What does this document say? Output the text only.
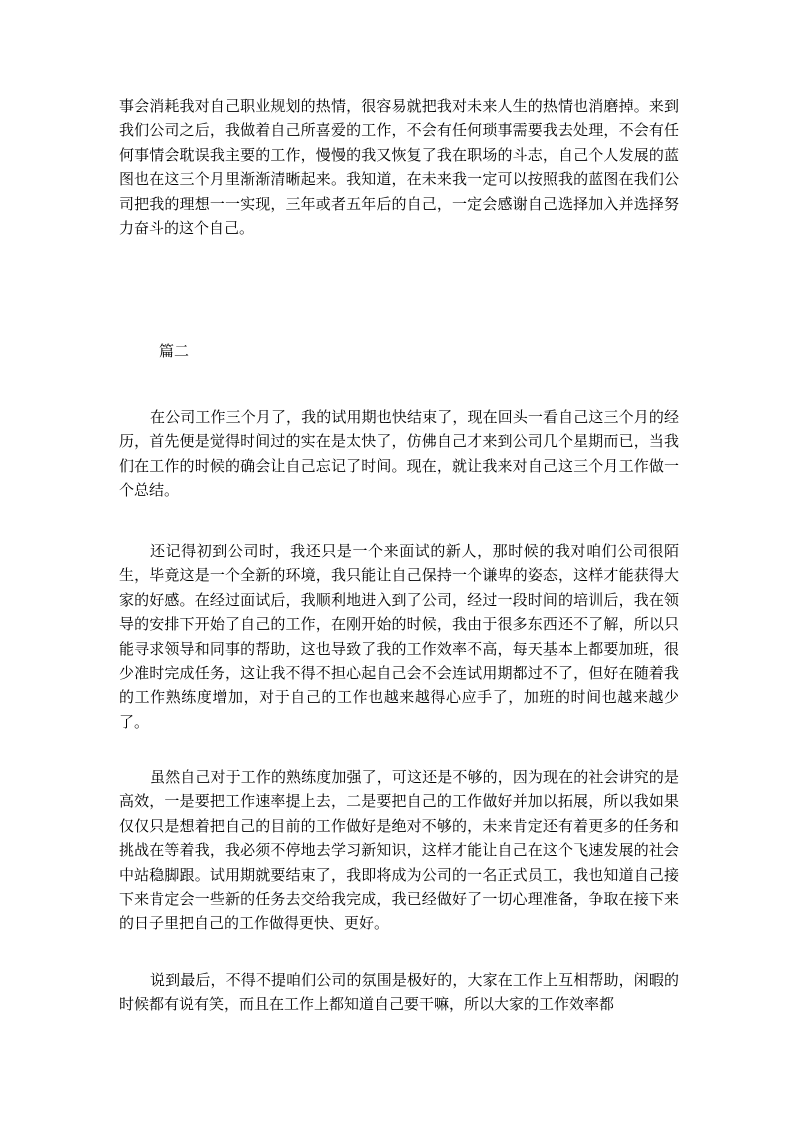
事会消耗我对自己职业规划的热情，很容易就把我对未来人生的热情也消磨掉。来到我们公司之后，我做着自己所喜爱的工作，不会有任何琐事需要我去处理，不会有任何事情会耽误我主要的工作，慢慢的我又恢复了我在职场的斗志，自己个人发展的蓝图也在这三个月里渐渐清晰起来。我知道，在未来我一定可以按照我的蓝图在我们公司把我的理想一一实现，三年或者五年后的自己，一定会感谢自己选择加入并选择努力奋斗的这个自己。

篇二

在公司工作三个月了，我的试用期也快结束了，现在回头一看自己这三个月的经历，首先便是觉得时间过的实在是太快了，仿佛自己才来到公司几个星期而已，当我们在工作的时候的确会让自己忘记了时间。现在，就让我来对自己这三个月工作做一个总结。

还记得初到公司时，我还只是一个来面试的新人，那时候的我对咱们公司很陌生，毕竟这是一个全新的环境，我只能让自己保持一个谦卑的姿态，这样才能获得大家的好感。在经过面试后，我顺利地进入到了公司，经过一段时间的培训后，我在领导的安排下开始了自己的工作，在刚开始的时候，我由于很多东西还不了解，所以只能寻求领导和同事的帮助，这也导致了我的工作效率不高，每天基本上都要加班，很少准时完成任务，这让我不得不担心起自己会不会连试用期都过不了，但好在随着我的工作熟练度增加，对于自己的工作也越来越得心应手了，加班的时间也越来越少了。

虽然自己对于工作的熟练度加强了，可这还是不够的，因为现在的社会讲究的是高效，一是要把工作速率提上去，二是要把自己的工作做好并加以拓展，所以我如果仅仅只是想着把自己的目前的工作做好是绝对不够的，未来肯定还有着更多的任务和挑战在等着我，我必须不停地去学习新知识，这样才能让自己在这个飞速发展的社会中站稳脚跟。试用期就要结束了，我即将成为公司的一名正式员工，我也知道自己接下来肯定会一些新的任务去交给我完成，我已经做好了一切心理准备，争取在接下来的日子里把自己的工作做得更快、更好。

说到最后，不得不提咱们公司的氛围是极好的，大家在工作上互相帮助，闲暇的时候都有说有笑，而且在工作上都知道自己要干嘛，所以大家的工作效率都
